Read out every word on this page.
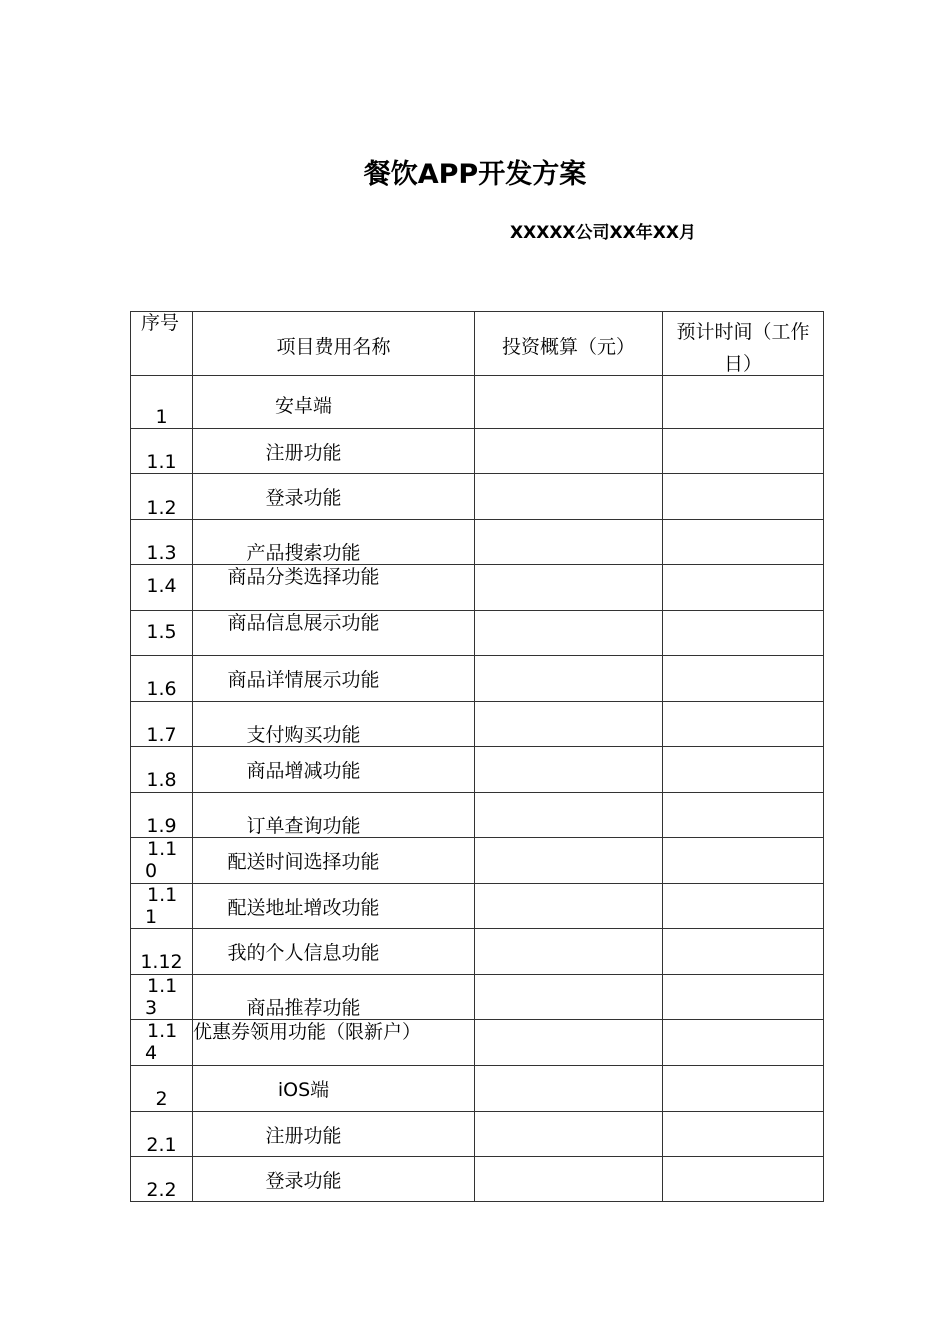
餐饮APP开发方案
XXXXX公司XX年XX月
序号	项目费用名称	投资概算（元）	预计时间（工作日）

1	安卓端		

1.1	注册功能		

1.2	登录功能		

1.3	产品搜索功能		

1.4	商品分类选择功能		

1.5	商品信息展示功能		

1.6	商品详情展示功能		

1.7	支付购买功能		

1.8	商品增减功能		

1.9	订单查询功能		

1.10	配送时间选择功能		

1.11	配送地址增改功能		

1.12	我的个人信息功能		

1.13	商品推荐功能		

1.14	优惠券领用功能（限新户）		

2	iOS端		

2.1	注册功能		

2.2	登录功能		
